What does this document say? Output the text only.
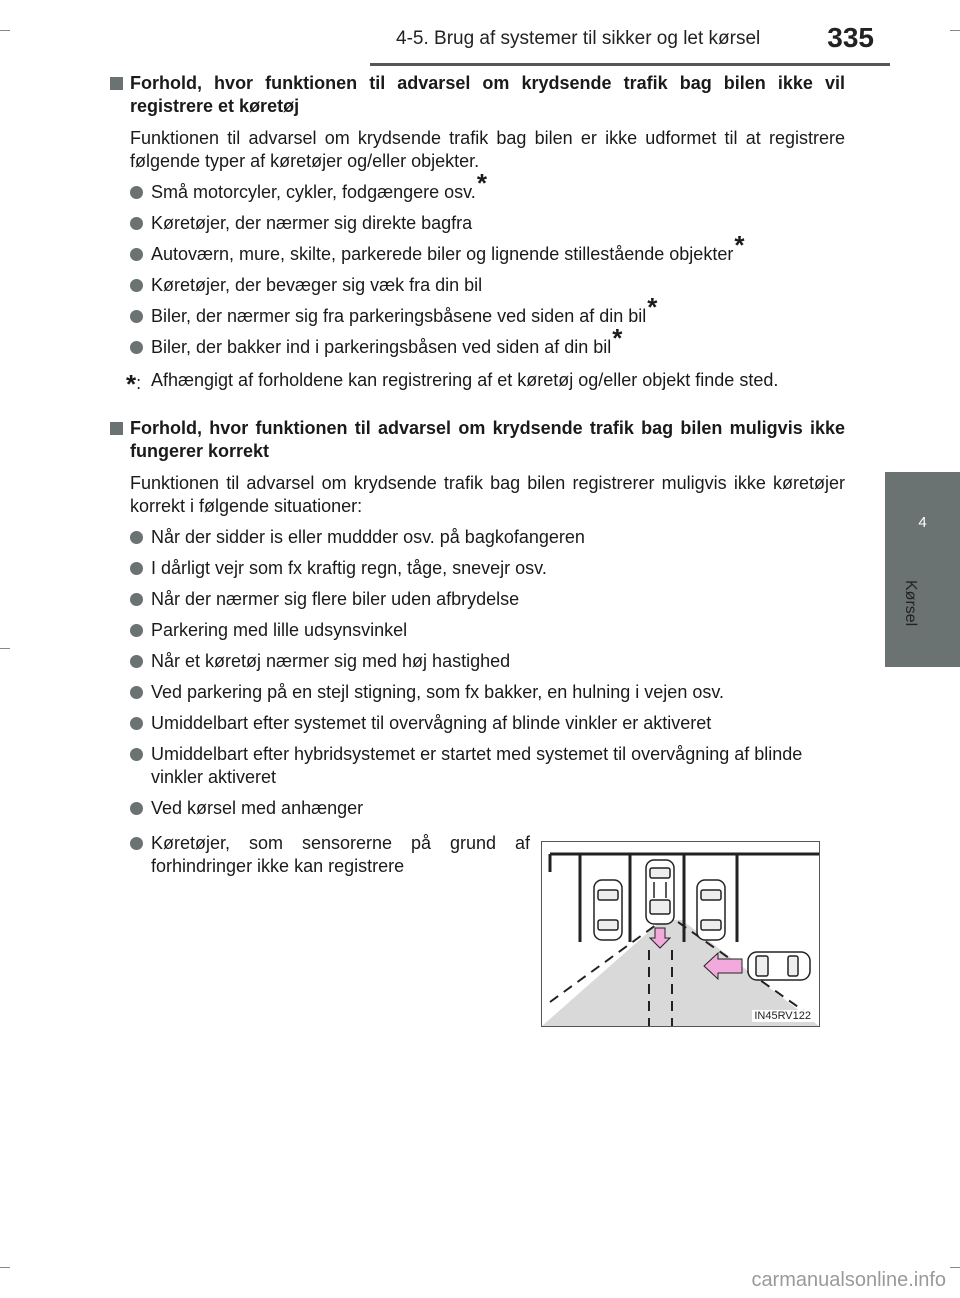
4-5. Brug af systemer til sikker og let kørsel 335
4
Kørsel
Forhold, hvor funktionen til advarsel om krydsende trafik bag bilen ikke vil registrere et køretøj
Funktionen til advarsel om krydsende trafik bag bilen er ikke udformet til at registrere følgende typer af køretøjer og/eller objekter.
Små motorcyler, cykler, fodgængere osv.*
Køretøjer, der nærmer sig direkte bagfra
Autoværn, mure, skilte, parkerede biler og lignende stillestående objekter*
Køretøjer, der bevæger sig væk fra din bil
Biler, der nærmer sig fra parkeringsbåsene ved siden af din bil*
Biler, der bakker ind i parkeringsbåsen ved siden af din bil*
*: Afhængigt af forholdene kan registrering af et køretøj og/eller objekt finde sted.
Forhold, hvor funktionen til advarsel om krydsende trafik bag bilen muligvis ikke fungerer korrekt
Funktionen til advarsel om krydsende trafik bag bilen registrerer muligvis ikke køretøjer korrekt i følgende situationer:
Når der sidder is eller muddder osv. på bagkofangeren
I dårligt vejr som fx kraftig regn, tåge, snevejr osv.
Når der nærmer sig flere biler uden afbrydelse
Parkering med lille udsynsvinkel
Når et køretøj nærmer sig med høj hastighed
Ved parkering på en stejl stigning, som fx bakker, en hulning i vejen osv.
Umiddelbart efter systemet til overvågning af blinde vinkler er aktiveret
Umiddelbart efter hybridsystemet er startet med systemet til overvågning af blinde vinkler aktiveret
Ved kørsel med anhænger
Køretøjer, som sensorerne på grund af forhindringer ikke kan registrere
IN45RV122
carmanualsonline.info
